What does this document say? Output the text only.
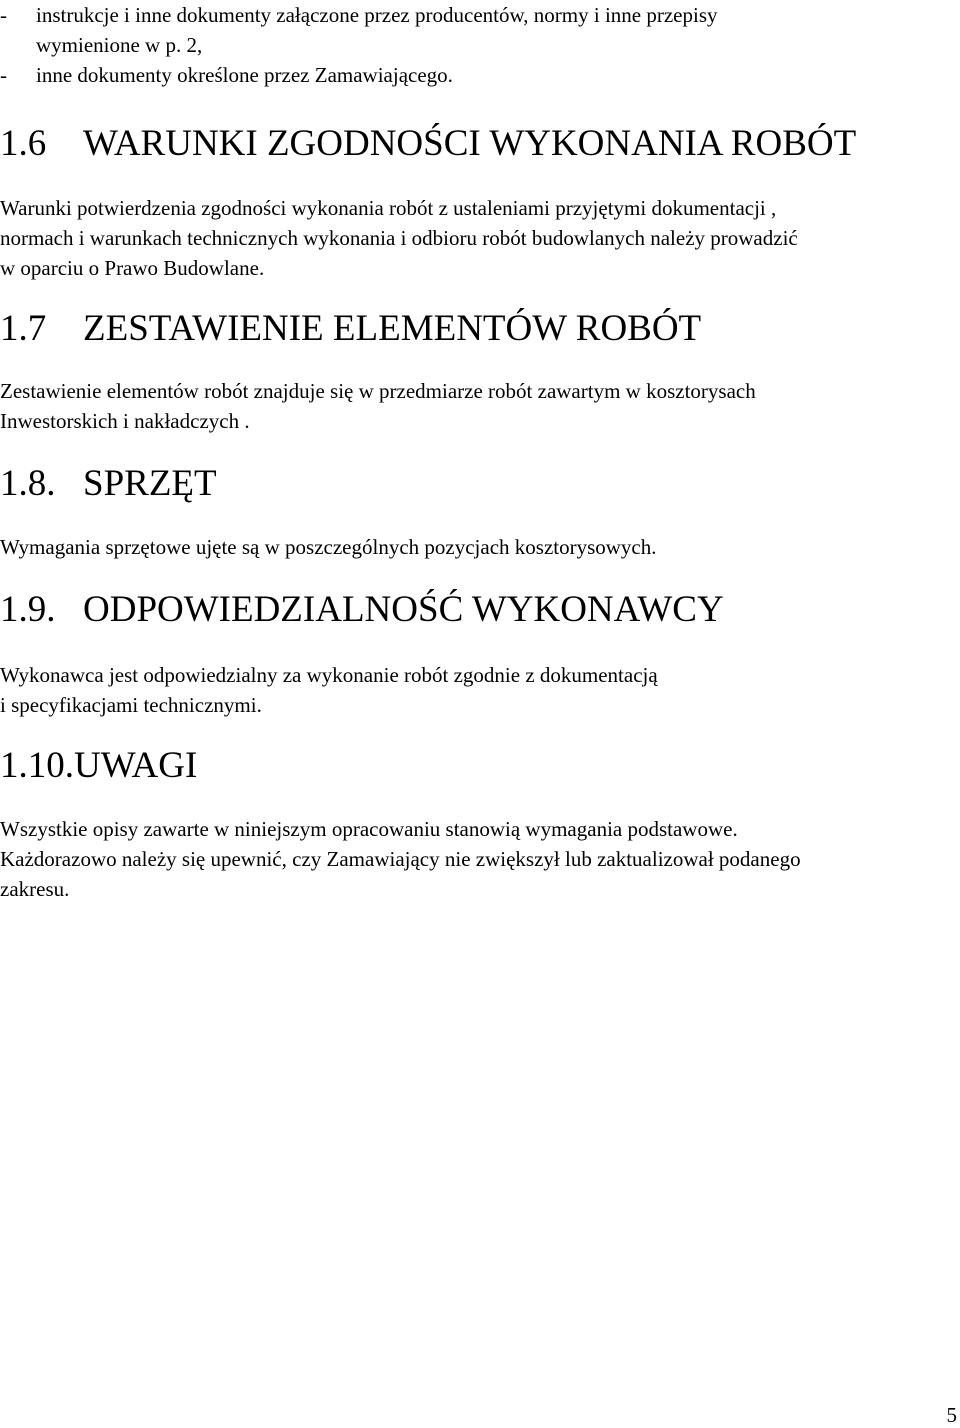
-	instrukcje i inne dokumenty załączone przez producentów, normy i inne przepisy
wymienione w p. 2,
-	inne dokumenty określone przez Zamawiającego.
1.6 WARUNKI ZGODNOŚCI WYKONANIA ROBÓT
Warunki potwierdzenia zgodności wykonania robót z ustaleniami przyjętymi dokumentacji ,
normach i warunkach technicznych wykonania i odbioru robót budowlanych należy prowadzić
w oparciu o Prawo Budowlane.
1.7 ZESTAWIENIE ELEMENTÓW ROBÓT
Zestawienie elementów robót znajduje się w przedmiarze robót zawartym w kosztorysach
Inwestorskich i nakładczych .
1.8. SPRZĘT
Wymagania sprzętowe ujęte są w poszczególnych pozycjach kosztorysowych.
1.9. ODPOWIEDZIALNOŚĆ WYKONAWCY
Wykonawca jest odpowiedzialny za wykonanie robót zgodnie z dokumentacją
i specyfikacjami technicznymi.
1.10.UWAGI
Wszystkie opisy zawarte w niniejszym opracowaniu stanowią wymagania podstawowe.
Każdorazowo należy się upewnić, czy Zamawiający nie zwiększył lub zaktualizował podanego
zakresu.
5
